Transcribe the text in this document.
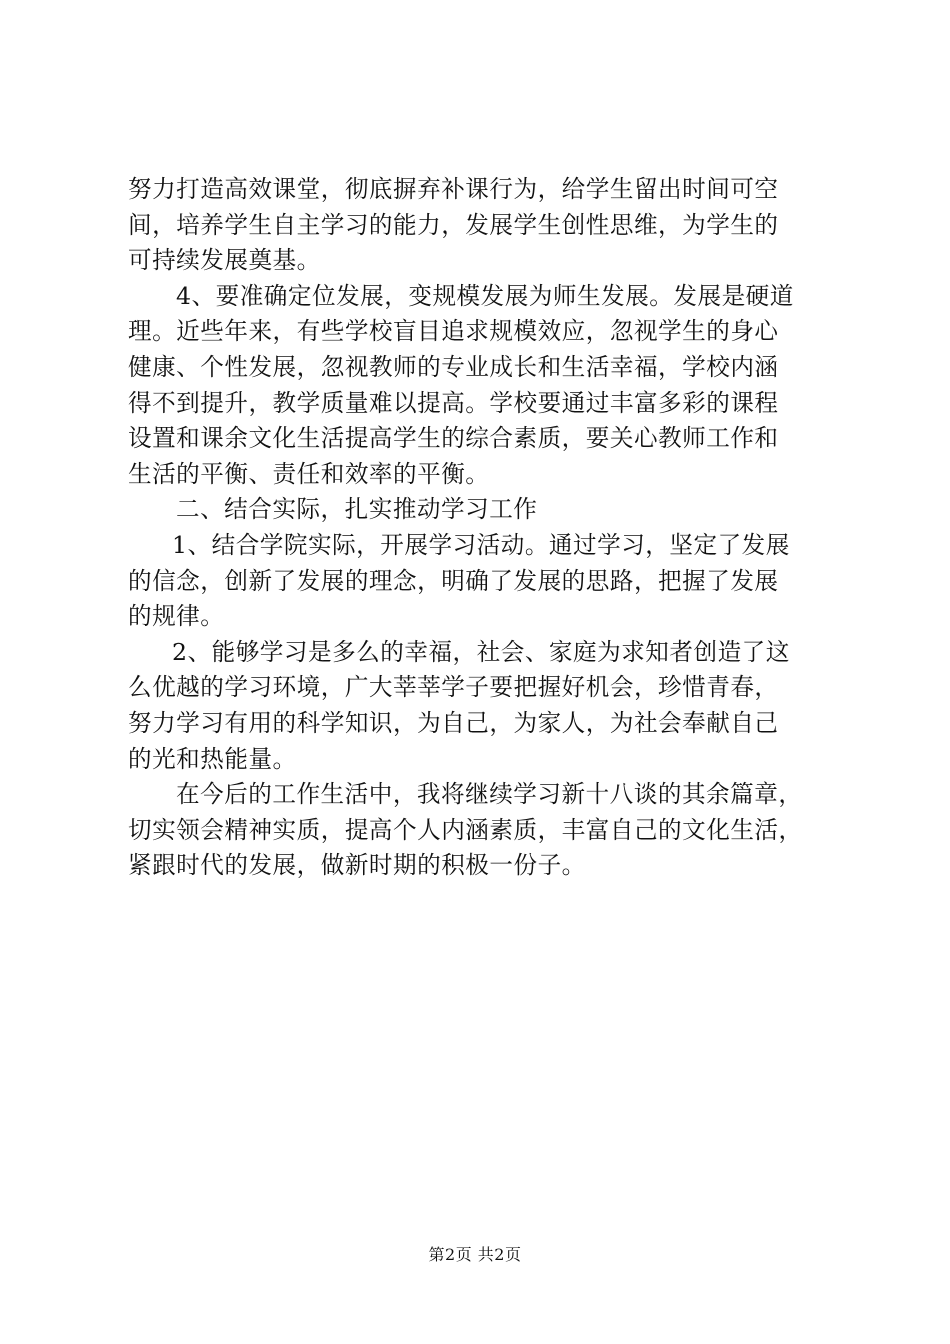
努力打造高效课堂，彻底摒弃补课行为，给学生留出时间可空
间，培养学生自主学习的能力，发展学生创性思维，为学生的
可持续发展奠基。
4、要准确定位发展，变规模发展为师生发展。发展是硬道
理。近些年来，有些学校盲目追求规模效应，忽视学生的身心
健康、个性发展，忽视教师的专业成长和生活幸福，学校内涵
得不到提升，教学质量难以提高。学校要通过丰富多彩的课程
设置和课余文化生活提高学生的综合素质，要关心教师工作和
生活的平衡、责任和效率的平衡。
二、结合实际，扎实推动学习工作
1、结合学院实际，开展学习活动。通过学习，坚定了发展
的信念，创新了发展的理念，明确了发展的思路，把握了发展
的规律。
2、能够学习是多么的幸福，社会、家庭为求知者创造了这
么优越的学习环境，广大莘莘学子要把握好机会，珍惜青春，
努力学习有用的科学知识，为自己，为家人，为社会奉献自己
的光和热能量。
在今后的工作生活中，我将继续学习新十八谈的其余篇章，
切实领会精神实质，提高个人内涵素质，丰富自己的文化生活，
紧跟时代的发展，做新时期的积极一份子。
第2页 共2页
